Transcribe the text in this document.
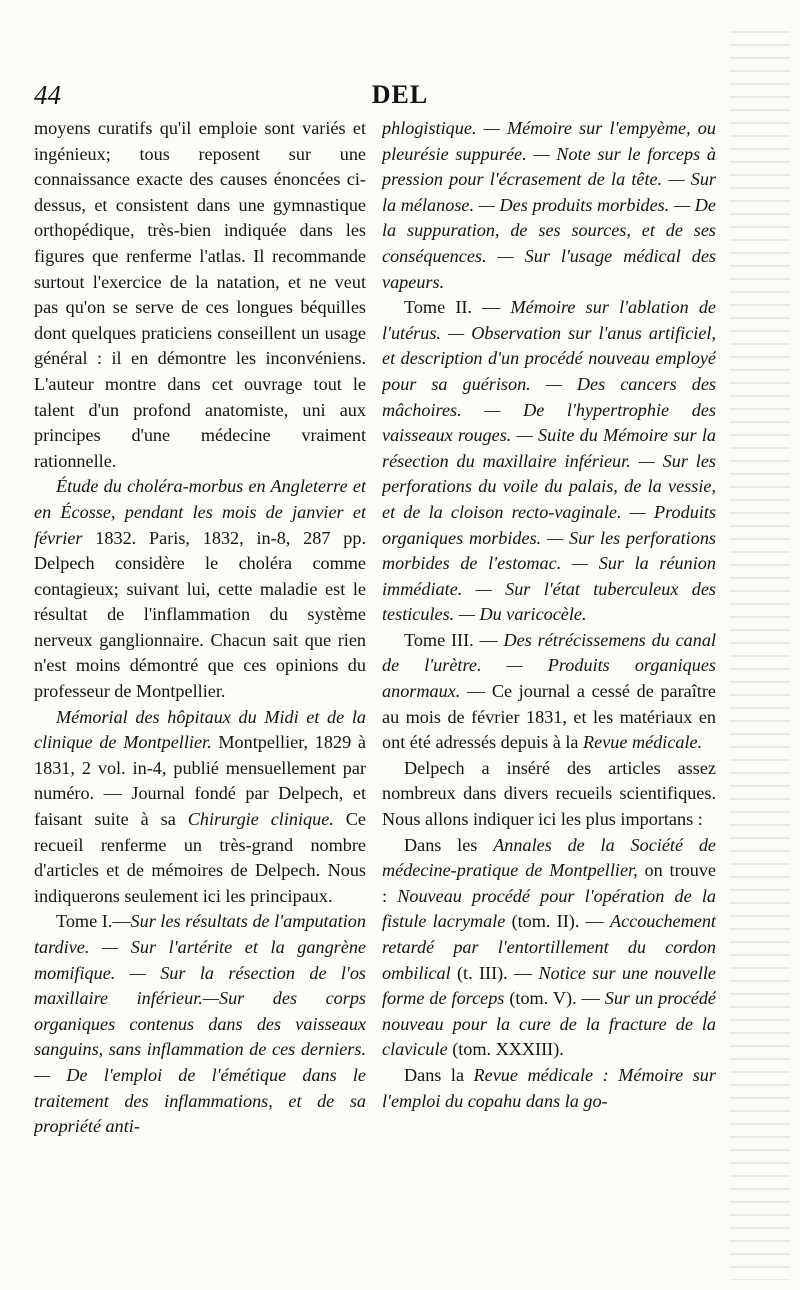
44	DEL

moyens curatifs qu'il emploie sont variés et ingénieux; tous reposent sur une connaissance exacte des causes énoncées ci-dessus, et consistent dans une gymnastique orthopédique, très-bien indiquée dans les figures que renferme l'atlas. Il recommande surtout l'exercice de la natation, et ne veut pas qu'on se serve de ces longues béquilles dont quelques praticiens conseillent un usage général : il en démontre les inconvéniens. L'auteur montre dans cet ouvrage tout le talent d'un profond anatomiste, uni aux principes d'une médecine vraiment rationnelle.

Étude du choléra-morbus en Angleterre et en Écosse, pendant les mois de janvier et février 1832. Paris, 1832, in-8, 287 pp. Delpech considère le choléra comme contagieux; suivant lui, cette maladie est le résultat de l'inflammation du système nerveux ganglionnaire. Chacun sait que rien n'est moins démontré que ces opinions du professeur de Montpellier.

Mémorial des hôpitaux du Midi et de la clinique de Montpellier. Montpellier, 1829 à 1831, 2 vol. in-4, publié mensuellement par numéro. — Journal fondé par Delpech, et faisant suite à sa Chirurgie clinique. Ce recueil renferme un très-grand nombre d'articles et de mémoires de Delpech. Nous indiquerons seulement ici les principaux.

Tome I.—Sur les résultats de l'amputation tardive. — Sur l'artérite et la gangrène momifique. — Sur la résection de l'os maxillaire inférieur.—Sur des corps organiques contenus dans des vaisseaux sanguins, sans inflammation de ces derniers. — De l'emploi de l'émétique dans le traitement des inflammations, et de sa propriété anti-

phlogistique. — Mémoire sur l'empyème, ou pleurésie suppurée. — Note sur le forceps à pression pour l'écrasement de la tête. — Sur la mélanose. — Des produits morbides. — De la suppuration, de ses sources, et de ses conséquences. — Sur l'usage médical des vapeurs.

Tome II. — Mémoire sur l'ablation de l'utérus. — Observation sur l'anus artificiel, et description d'un procédé nouveau employé pour sa guérison. — Des cancers des mâchoires. — De l'hypertrophie des vaisseaux rouges. — Suite du Mémoire sur la résection du maxillaire inférieur. — Sur les perforations du voile du palais, de la vessie, et de la cloison recto-vaginale. — Produits organiques morbides. — Sur les perforations morbides de l'estomac. — Sur la réunion immédiate. — Sur l'état tuberculeux des testicules. — Du varicocèle.

Tome III. — Des rétrécissemens du canal de l'urètre. — Produits organiques anormaux. — Ce journal a cessé de paraître au mois de février 1831, et les matériaux en ont été adressés depuis à la Revue médicale.

Delpech a inséré des articles assez nombreux dans divers recueils scientifiques. Nous allons indiquer ici les plus importans :

Dans les Annales de la Société de médecine-pratique de Montpellier, on trouve : Nouveau procédé pour l'opération de la fistule lacrymale (tom. II). — Accouchement retardé par l'entortillement du cordon ombilical (t. III). — Notice sur une nouvelle forme de forceps (tom. V). — Sur un procédé nouveau pour la cure de la fracture de la clavicule (tom. XXXIII).

Dans la Revue médicale : Mémoire sur l'emploi du copahu dans la go-
